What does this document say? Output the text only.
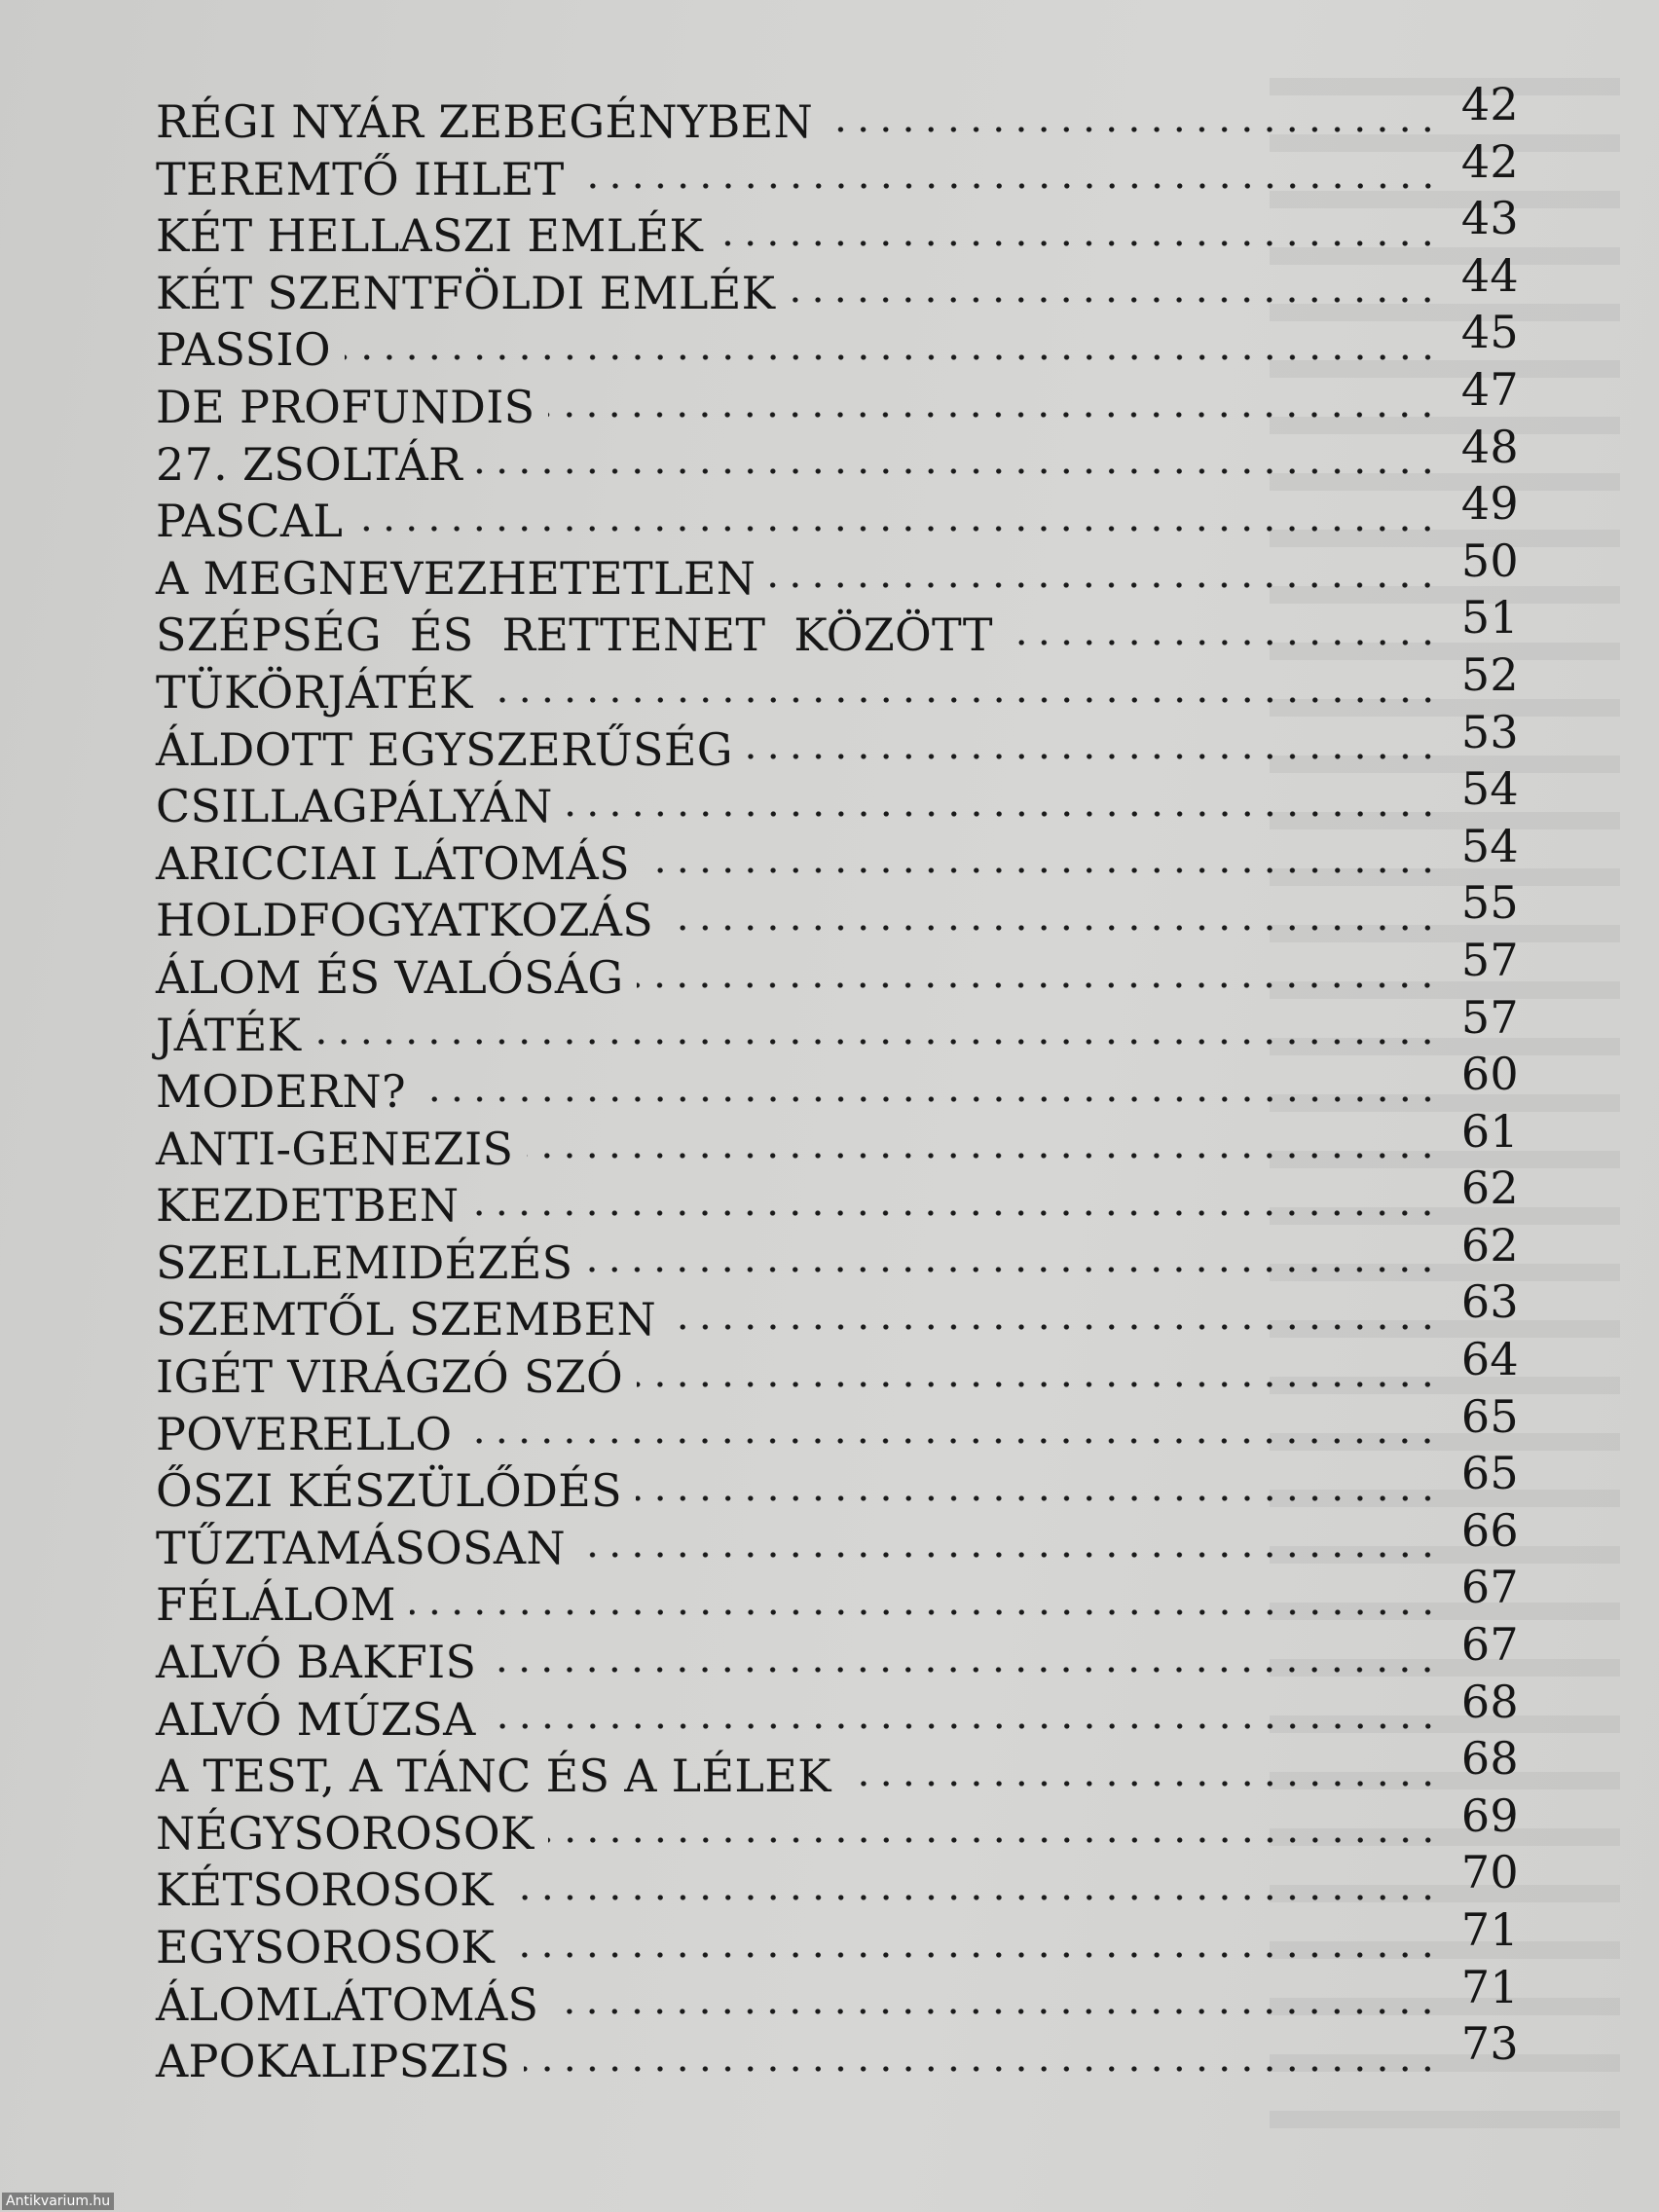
RÉGI NYÁR ZEBEGÉNYBEN	42
TEREMTŐ IHLET	42
KÉT HELLASZI EMLÉK	43
KÉT SZENTFÖLDI EMLÉK	44
PASSIO	45
DE PROFUNDIS	47
27. ZSOLTÁR	48
PASCAL	49
A MEGNEVEZHETETLEN	50
SZÉPSÉG ÉS RETTENET KÖZÖTT	51
TÜKÖRJÁTÉK	52
ÁLDOTT EGYSZERŰSÉG	53
CSILLAGPÁLYÁN	54
ARICCIAI LÁTOMÁS	54
HOLDFOGYATKOZÁS	55
ÁLOM ÉS VALÓSÁG	57
JÁTÉK	57
MODERN?	60
ANTI-GENEZIS	61
KEZDETBEN	62
SZELLEMIDÉZÉS	62
SZEMTŐL SZEMBEN	63
IGÉT VIRÁGZÓ SZÓ	64
POVERELLO	65
ŐSZI KÉSZÜLŐDÉS	65
TŰZTAMÁSOSAN	66
FÉLÁLOM	67
ALVÓ BAKFIS	67
ALVÓ MÚZSA	68
A TEST, A TÁNC ÉS A LÉLEK	68
NÉGYSOROSOK	69
KÉTSOROSOK	70
EGYSOROSOK	71
ÁLOMLÁTOMÁS	71
APOKALIPSZIS	73
Antikvarium.hu
